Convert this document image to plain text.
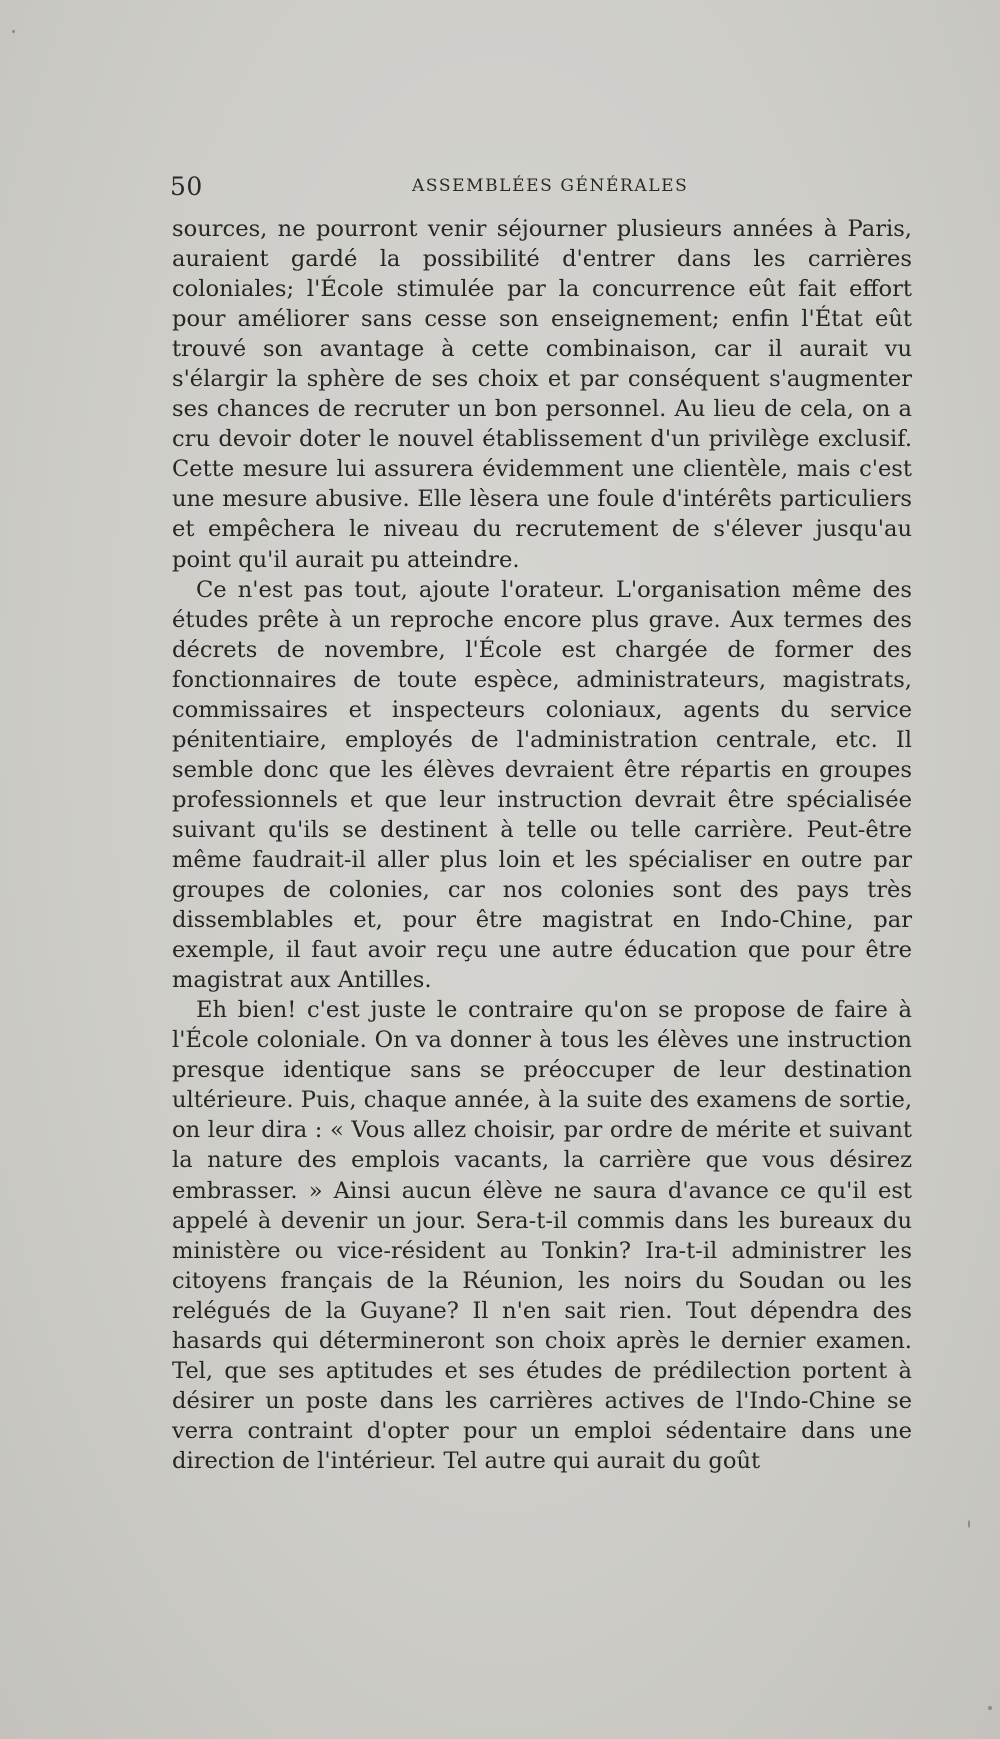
50	ASSEMBLÉES GÉNÉRALES

sources, ne pourront venir séjourner plusieurs années à Paris, auraient gardé la possibilité d'entrer dans les carrières coloniales; l'École stimulée par la concurrence eût fait effort pour améliorer sans cesse son enseignement; enfin l'État eût trouvé son avantage à cette combinaison, car il aurait vu s'élargir la sphère de ses choix et par conséquent s'augmenter ses chances de recruter un bon personnel. Au lieu de cela, on a cru devoir doter le nouvel établissement d'un privilège exclusif. Cette mesure lui assurera évidemment une clientèle, mais c'est une mesure abusive. Elle lèsera une foule d'intérêts particuliers et empêchera le niveau du recrutement de s'élever jusqu'au point qu'il aurait pu atteindre.

Ce n'est pas tout, ajoute l'orateur. L'organisation même des études prête à un reproche encore plus grave. Aux termes des décrets de novembre, l'École est chargée de former des fonctionnaires de toute espèce, administrateurs, magistrats, commissaires et inspecteurs coloniaux, agents du service pénitentiaire, employés de l'administration centrale, etc. Il semble donc que les élèves devraient être répartis en groupes professionnels et que leur instruction devrait être spécialisée suivant qu'ils se destinent à telle ou telle carrière. Peut-être même faudrait-il aller plus loin et les spécialiser en outre par groupes de colonies, car nos colonies sont des pays très dissemblables et, pour être magistrat en Indo-Chine, par exemple, il faut avoir reçu une autre éducation que pour être magistrat aux Antilles.

Eh bien! c'est juste le contraire qu'on se propose de faire à l'École coloniale. On va donner à tous les élèves une instruction presque identique sans se préoccuper de leur destination ultérieure. Puis, chaque année, à la suite des examens de sortie, on leur dira : « Vous allez choisir, par ordre de mérite et suivant la nature des emplois vacants, la carrière que vous désirez embrasser. » Ainsi aucun élève ne saura d'avance ce qu'il est appelé à devenir un jour. Sera-t-il commis dans les bureaux du ministère ou vice-résident au Tonkin? Ira-t-il administrer les citoyens français de la Réunion, les noirs du Soudan ou les relégués de la Guyane? Il n'en sait rien. Tout dépendra des hasards qui détermineront son choix après le dernier examen. Tel, que ses aptitudes et ses études de prédilection portent à désirer un poste dans les carrières actives de l'Indo-Chine se verra contraint d'opter pour un emploi sédentaire dans une direction de l'intérieur. Tel autre qui aurait du goût
